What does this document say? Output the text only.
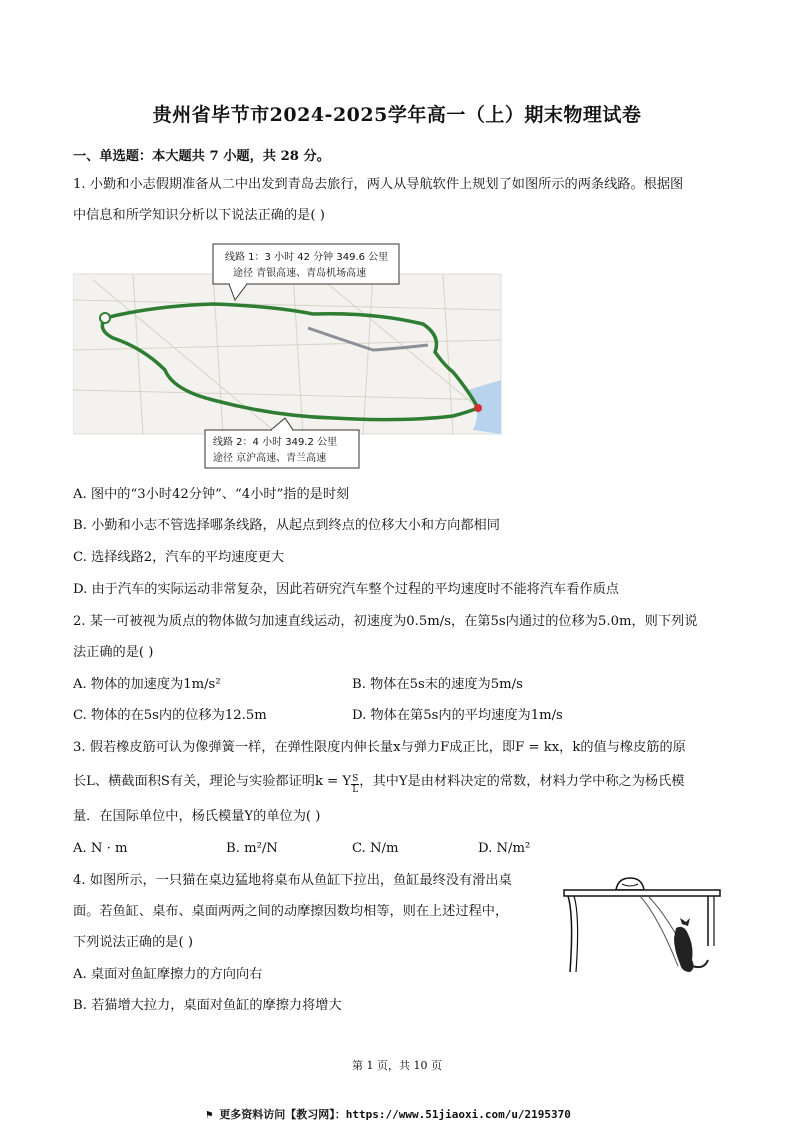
贵州省毕节市2024-2025学年高一（上）期末物理试卷
一、单选题：本大题共 7 小题，共 28 分。
1. 小勤和小志假期准备从二中出发到青岛去旅行，两人从导航软件上规划了如图所示的两条线路。根据图
中信息和所学知识分析以下说法正确的是( )
线路 1：3 小时 42 分钟 349.6 公里
途径 青银高速、青岛机场高速
线路 2：4 小时 349.2 公里
途径 京沪高速、青兰高速
A. 图中的“3小时42分钟”、“4小时”指的是时刻
B. 小勤和小志不管选择哪条线路，从起点到终点的位移大小和方向都相同
C. 选择线路2，汽车的平均速度更大
D. 由于汽车的实际运动非常复杂，因此若研究汽车整个过程的平均速度时不能将汽车看作质点
2. 某一可被视为质点的物体做匀加速直线运动，初速度为0.5m/s，在第5s内通过的位移为5.0m，则下列说
法正确的是( )
A. 物体的加速度为1m/s²	B. 物体在5s末的速度为5m/s
C. 物体的在5s内的位移为12.5m	D. 物体在第5s内的平均速度为1m/s
3. 假若橡皮筋可认为像弹簧一样，在弹性限度内伸长量x与弹力F成正比，即F = kx，k的值与橡皮筋的原
长L、横截面积S有关，理论与实验都证明k = Y $\frac{S}{L}$ ，其中Y是由材料决定的常数，材料力学中称之为杨氏模
量．在国际单位中，杨氏模量Y的单位为( )
A. N · m	B. m²/N	C. N/m	D. N/m²
4. 如图所示，一只猫在桌边猛地将桌布从鱼缸下拉出，鱼缸最终没有滑出桌
面。若鱼缸、桌布、桌面两两之间的动摩擦因数均相等，则在上述过程中，
下列说法正确的是( )
A. 桌面对鱼缸摩擦力的方向向右
B. 若猫增大拉力，桌面对鱼缸的摩擦力将增大
第 1 页，共 10 页
⚑ 更多资料访问【教习网】：https://www.51jiaoxi.com/u/2195370
